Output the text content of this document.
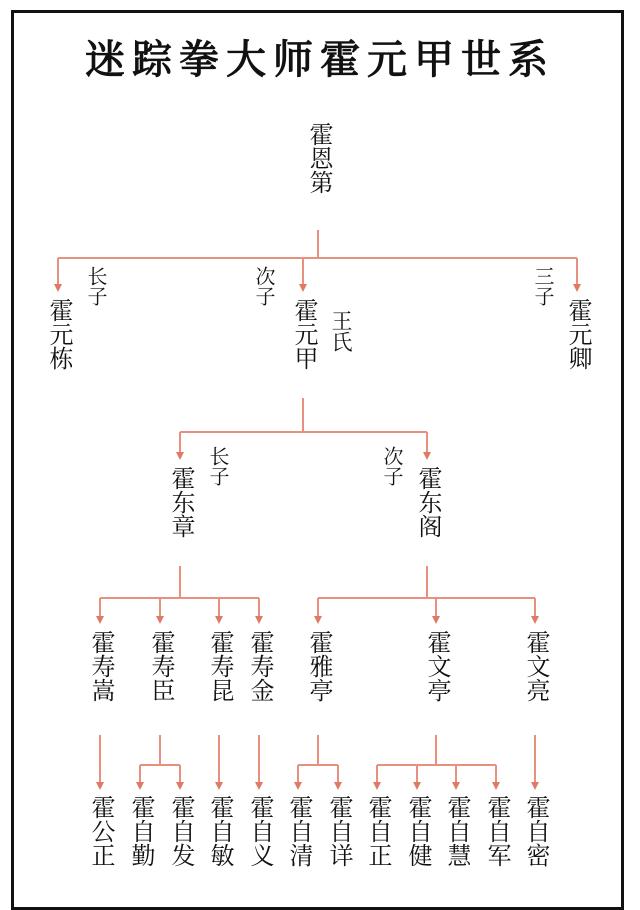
迷踪拳大师霍元甲世系
霍恩第
霍元栋
长子
霍元甲
次子
王氏	霍元卿
三子
霍东章 长子	霍东阁
次子
霍寿嵩 霍寿臣 霍寿昆 霍寿金 霍雅亭	霍文亭	霍文亮
霍公正 霍自勤 霍自发 霍自敏 霍自义 霍自清 霍自详 霍自正 霍自健 霍自慧 霍自军 霍自密
